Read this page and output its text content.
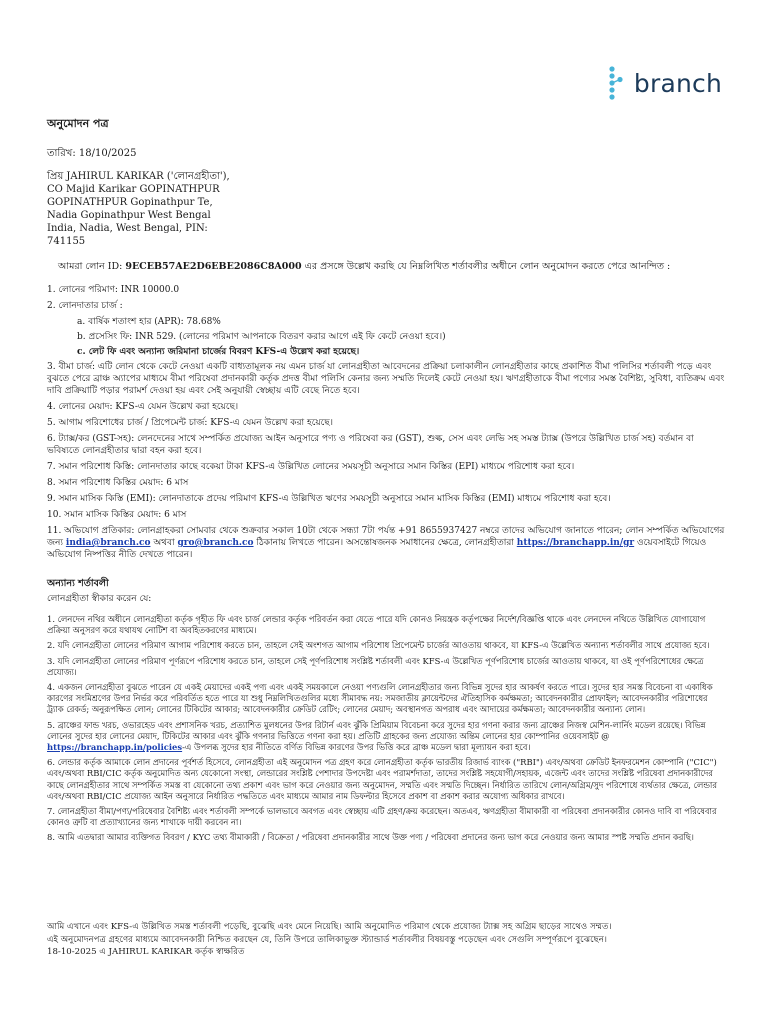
branch
অনুমোদন পত্র
তারিখ: 18/10/2025
প্রিয় JAHIRUL KARIKAR ('লোনগ্রহীতা'),
CO Majid Karikar GOPINATHPUR
GOPINATHPUR Gopinathpur Te,
Nadia Gopinathpur West Bengal
India, Nadia, West Bengal, PIN:
741155
আমরা লোন ID: 9ECEB57AE2D6EBE2086C8A000 এর প্রসঙ্গে উল্লেখ করছি যে নিম্নলিখিত শর্তাবলীর অধীনে লোন অনুমোদন করতে পেরে আনন্দিত :
1. লোনের পরিমাণ: INR 10000.0
2. লোনদাতার চার্জ :
a. বার্ষিক শতাংশ হার (APR): 78.68%
b. প্রসেসিং ফি: INR 529. (লোনের পরিমাণ আপনাকে বিতরণ করার আগে এই ফি কেটে নেওয়া হবে।)
c. লেট ফি এবং অন্যান্য জরিমানা চার্জের বিবরণ KFS-এ উল্লেখ করা হয়েছে।
3. বীমা চার্জ: এটি লোন থেকে কেটে নেওয়া একটি বাধ্যতামূলক নয় এমন চার্জ যা লোনগ্রহীতা আবেদনের প্রক্রিয়া চলাকালীন লোনগ্রহীতার কাছে প্রকাশিত বীমা পলিসির শর্তাবলী পড়ে এবং বুঝতে পেরে ব্রাঞ্চ অ্যাপের মাধ্যমে বীমা পরিষেবা প্রদানকারী কর্তৃক প্রদত্ত বীমা পলিসি কেনার জন্য সম্মতি দিলেই কেটে নেওয়া হয়। ঋণগ্রহীতাকে বীমা পণ্যের সমস্ত বৈশিষ্ট্য, সুবিধা, ব্যতিক্রম এবং দাবি প্রক্রিয়াটি পড়ার পরামর্শ দেওয়া হয় এবং সেই অনুযায়ী স্বেচ্ছায় এটি বেছে নিতে হবে।
4. লোনের মেয়াদ: KFS-এ যেমন উল্লেখ করা হয়েছে।
5. আগাম পরিশোধের চার্জ / প্রিপেমেন্ট চার্জ: KFS-এ যেমন উল্লেখ করা হয়েছে।
6. ট্যাক্স/কর (GST-সহ): লেনদেনের সাথে সম্পর্কিত প্রযোজ্য আইন অনুসারে পণ্য ও পরিষেবা কর (GST), শুল্ক, সেস এবং লেভি সহ সমস্ত ট্যাক্স (উপরে উল্লিখিত চার্জ সহ) বর্তমান বা ভবিষ্যতে লোনগ্রহীতার দ্বারা বহন করা হবে।
7. সমান পরিশোধ কিস্তি: লোনদাতার কাছে বকেয়া টাকা KFS-এ উল্লিখিত লোনের সময়সূচী অনুসারে সমান কিস্তির (EPI) মাধ্যমে পরিশোধ করা হবে।
8. সমান পরিশোধ কিস্তির মেয়াদ: 6 মাস
9. সমান মাসিক কিস্তি (EMI): লোনদাতাকে প্রদেয় পরিমাণ KFS-এ উল্লিখিত ঋণের সময়সূচী অনুসারে সমান মাসিক কিস্তির (EMI) মাধ্যমে পরিশোধ করা হবে।
10. সমান মাসিক কিস্তির মেয়াদ: 6 মাস
11. অভিযোগ প্রতিকার: লোনগ্রাহকরা সোমবার থেকে শুক্রবার সকাল 10টা থেকে সন্ধ্যা 7টা পর্যন্ত +91 8655937427 নম্বরে তাদের অভিযোগ জানাতে পারেন; লোন সম্পর্কিত অভিযোগের জন্য india@branch.co অথবা gro@branch.co ঠিকানায় লিখতে পারেন। অসন্তোষজনক সমাধানের ক্ষেত্রে, লোনগ্রহীতারা https://branchapp.in/gr ওয়েবসাইটে গিয়েও অভিযোগ নিষ্পত্তির নীতি দেখতে পারেন।
অন্যান্য শর্তাবলী
লোনগ্রহীতা স্বীকার করেন যে:
1. লেনদেন নথির অধীনে লোনগ্রহীতা কর্তৃক গৃহীত ফি এবং চার্জ লেন্ডার কর্তৃক পরিবর্তন করা যেতে পারে যদি কোনও নিয়ন্ত্রক কর্তৃপক্ষের নির্দেশ/বিজ্ঞপ্তি থাকে এবং লেনদেন নথিতে উল্লিখিত যোগাযোগ প্রক্রিয়া অনুসরণ করে যথাযথ নোটিশ বা অবহিতকরণের মাধ্যমে।
2. যদি লোনগ্রহীতা লোনের পরিমাণ আগাম পরিশোধ করতে চান, তাহলে সেই অংশগত আগাম পরিশোধ প্রিপেমেন্ট চার্জের আওতায় থাকবে, যা KFS-এ উল্লেখিত অন্যান্য শর্তাবলীর সাথে প্রযোজ্য হবে।
3. যদি লোনগ্রহীতা লোনের পরিমাণ পূর্ণরূপে পরিশোধ করতে চান, তাহলে সেই পূর্ণপরিশোধ সংশ্লিষ্ট শর্তাবলী এবং KFS-এ উল্লেখিত পূর্ণপরিশোধ চার্জের আওতায় থাকবে, যা ওই পূর্ণপরিশোধের ক্ষেত্রে প্রযোজ্য।
4. একজন লোনগ্রহীতা বুঝতে পারেন যে একই মেয়াদের একই পণ্য এবং একই সময়কালে নেওয়া পণ্যগুলি লোনগ্রহীতার জন্য বিভিন্ন সুদের হার আকর্ষণ করতে পারে। সুদের হার সমস্ত বিবেচনা বা একাধিক কারণের সংমিশ্রণের উপর নির্ভর করে পরিবর্তিত হতে পারে যা শুধু নিম্নলিখিতগুলির মধ্যে সীমাবদ্ধ নয়: সমজাতীয় ক্লায়েন্টদের ঐতিহাসিক কর্মক্ষমতা; আবেদনকারীর প্রোফাইল; আবেদনকারীর পরিশোধের ট্র্যাক রেকর্ড; অনুরূপক্ষিত লোন; লোনের টিকিটের আকার; আবেদনকারীর ক্রেডিট রেটিং; লোনের মেয়াদ; অবস্থানগত অপরাধ এবং আদায়ের কর্মক্ষমতা; আবেদনকারীর অন্যান্য লোন।
5. ব্রাঞ্চের ফান্ড খরচ, ওভারহেড এবং প্রশাসনিক খরচ, প্রত্যাশিত মুলধনের উপর রিটার্ন এবং ঝুঁকি প্রিমিয়াম বিবেচনা করে সুদের হার গণনা করার জন্য ব্রাঞ্চের নিজস্ব মেশিন-লার্নিং মডেল রয়েছে। বিভিন্ন লোনের সুদের হার লোনের মেয়াদ, টিকিটের আকার এবং ঝুঁকি গণনার ভিত্তিতে গণনা করা হয়। প্রতিটি গ্রাহকের জন্য প্রযোজ্য অন্তিম লোনের হার কোম্পানির ওয়েবসাইট @ https://branchapp.in/policies-এ উপলব্ধ সুদের হার নীতিতে বর্ণিত বিভিন্ন কারণের উপর ভিত্তি করে ব্রাঞ্চ মডেল দ্বারা মূল্যায়ন করা হবে।
6. লেন্ডার কর্তৃক আমাকে লোন প্রদানের পূর্বশর্ত হিসেবে, লোনগ্রহীতা এই অনুমোদন পত্র গ্রহণ করে লোনগ্রহীতা কর্তৃক ভারতীয় রিজার্ভ ব্যাংক ("RBI") এবং/অথবা ক্রেডিট ইনফরমেশন কোম্পানি ("CIC") এবং/অথবা RBI/CIC কর্তৃক অনুমোদিত অন্য যেকোনো সংস্থা, লেন্ডারের সংশ্লিষ্ট পেশাদার উপদেষ্টা এবং পরামর্শদাতা, তাদের সংশ্লিষ্ট সহযোগী/সহায়ক, এজেন্ট এবং তাদের সংশ্লিষ্ট পরিষেবা প্রদানকারীদের কাছে লোনগ্রহীতার সাথে সম্পর্কিত সমস্ত বা যেকোনো তথ্য প্রকাশ এবং ভাগ করে নেওয়ার জন্য অনুমোদন, সম্মতি এবং সম্মতি দিচ্ছেন। নির্ধারিত তারিখে লোন/অগ্রিম/সুদ পরিশোধে ব্যর্থতার ক্ষেত্রে, লেন্ডার এবং/অথবা RBI/CIC প্রযোজ্য আইন অনুসারে নির্ধারিত পদ্ধতিতে এবং মাধ্যমে আমার নাম ডিফল্টার হিসেবে প্রকাশ বা প্রকাশ করার অযোগ্য অধিকার রাখবে।
7. লোনগ্রহীতা বীমা/পণ্য/পরিষেবার বৈশিষ্ট্য এবং শর্তাবলী সম্পর্কে ভালভাবে অবগত এবং স্বেচ্ছায় এটি গ্রহণ/ক্রয় করেছেন। অতএব, ঋণগ্রহীতা বীমাকারী বা পরিষেবা প্রদানকারীর কোনও দাবি বা পরিষেবার কোনও ত্রুটি বা প্রত্যাখ্যানের জন্য শাখাকে দায়ী করবেন না।
8. আমি এতদ্বারা আমার ব্যক্তিগত বিবরণ / KYC তথ্য বীমাকারী / বিক্রেতা / পরিষেবা প্রদানকারীর সাথে উক্ত পণ্য / পরিষেবা প্রদানের জন্য ভাগ করে নেওয়ার জন্য আমার স্পষ্ট সম্মতি প্রদান করছি।
আমি এখানে এবং KFS-এ উল্লিখিত সমস্ত শর্তাবলী পড়েছি, বুঝেছি এবং মেনে নিয়েছি। আমি অনুমোদিত পরিমাণ থেকে প্রযোজ্য ট্যাক্স সহ অগ্রিম ছাড়ের সাথেও সম্মত।
এই অনুমোদনপত্র গ্রহণের মাধ্যমে আবেদনকারী নিশ্চিত করছেন যে, তিনি উপরে তালিকাভুক্ত স্ট্যান্ডার্ড শর্তাবলীর বিষয়বস্তু পড়েছেন এবং সেগুলি সম্পূর্ণরূপে বুঝেছেন।
18-10-2025 এ JAHIRUL KARIKAR কর্তৃক স্বাক্ষরিত
